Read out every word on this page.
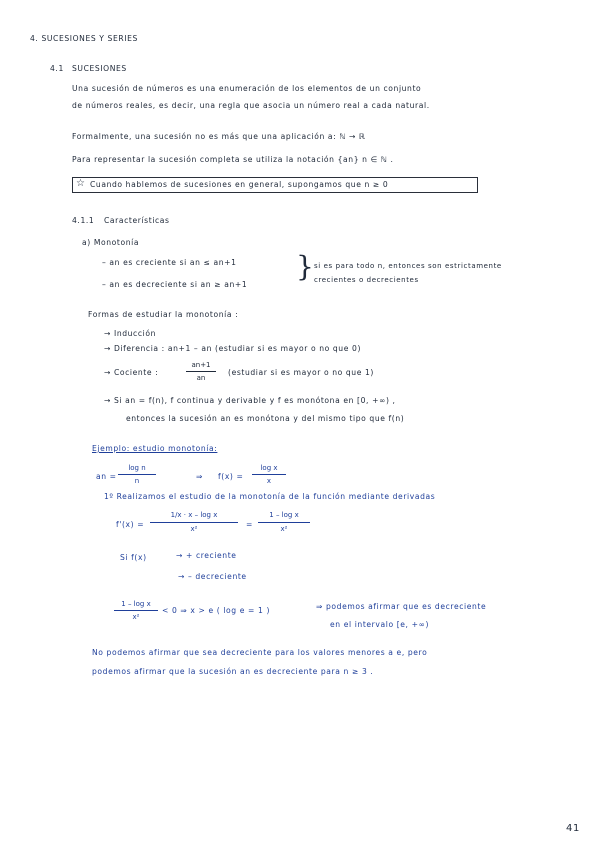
4. SUCESIONES Y SERIES
4.1 SUCESIONES
Una sucesión de números es una enumeración de los elementos de un conjunto
de números reales, es decir, una regla que asocia un número real a cada natural.
Formalmente, una sucesión no es más que una aplicación a: ℕ → ℝ
Para representar la sucesión completa se utiliza la notación {an} n ∈ ℕ .
☆ Cuando hablemos de sucesiones en general, supongamos que n ≥ 0
4.1.1 Características
a) Monotonía
– an es creciente si an ≤ an+1
– an es decreciente si an ≥ an+1
} si es para todo n, entonces son estrictamente
crecientes o decrecientes
Formas de estudiar la monotonía :
→ Inducción
→ Diferencia : an+1 – an (estudiar si es mayor o no que 0)
→ Cociente :
an+1
an
(estudiar si es mayor o no que 1)
→ Si an = f(n), f continua y derivable y f es monótona en [0, +∞) ,
entonces la sucesión an es monótona y del mismo tipo que f(n)
Ejemplo: estudio monotonía:
an =
log n
n	⇒ f(x) =
log x
x
1º Realizamos el estudio de la monotonía de la función mediante derivadas
f'(x) =
1/x · x – log x
x²	=
1 – log x
x²
Si f(x)	→ + creciente
→ – decreciente
1 – log x
x²
< 0 ⇒ x > e ( log e = 1 )	⇒ podemos afirmar que es decreciente
en el intervalo [e, +∞)
No podemos afirmar que sea decreciente para los valores menores a e, pero
podemos afirmar que la sucesión an es decreciente para n ≥ 3 .
41
